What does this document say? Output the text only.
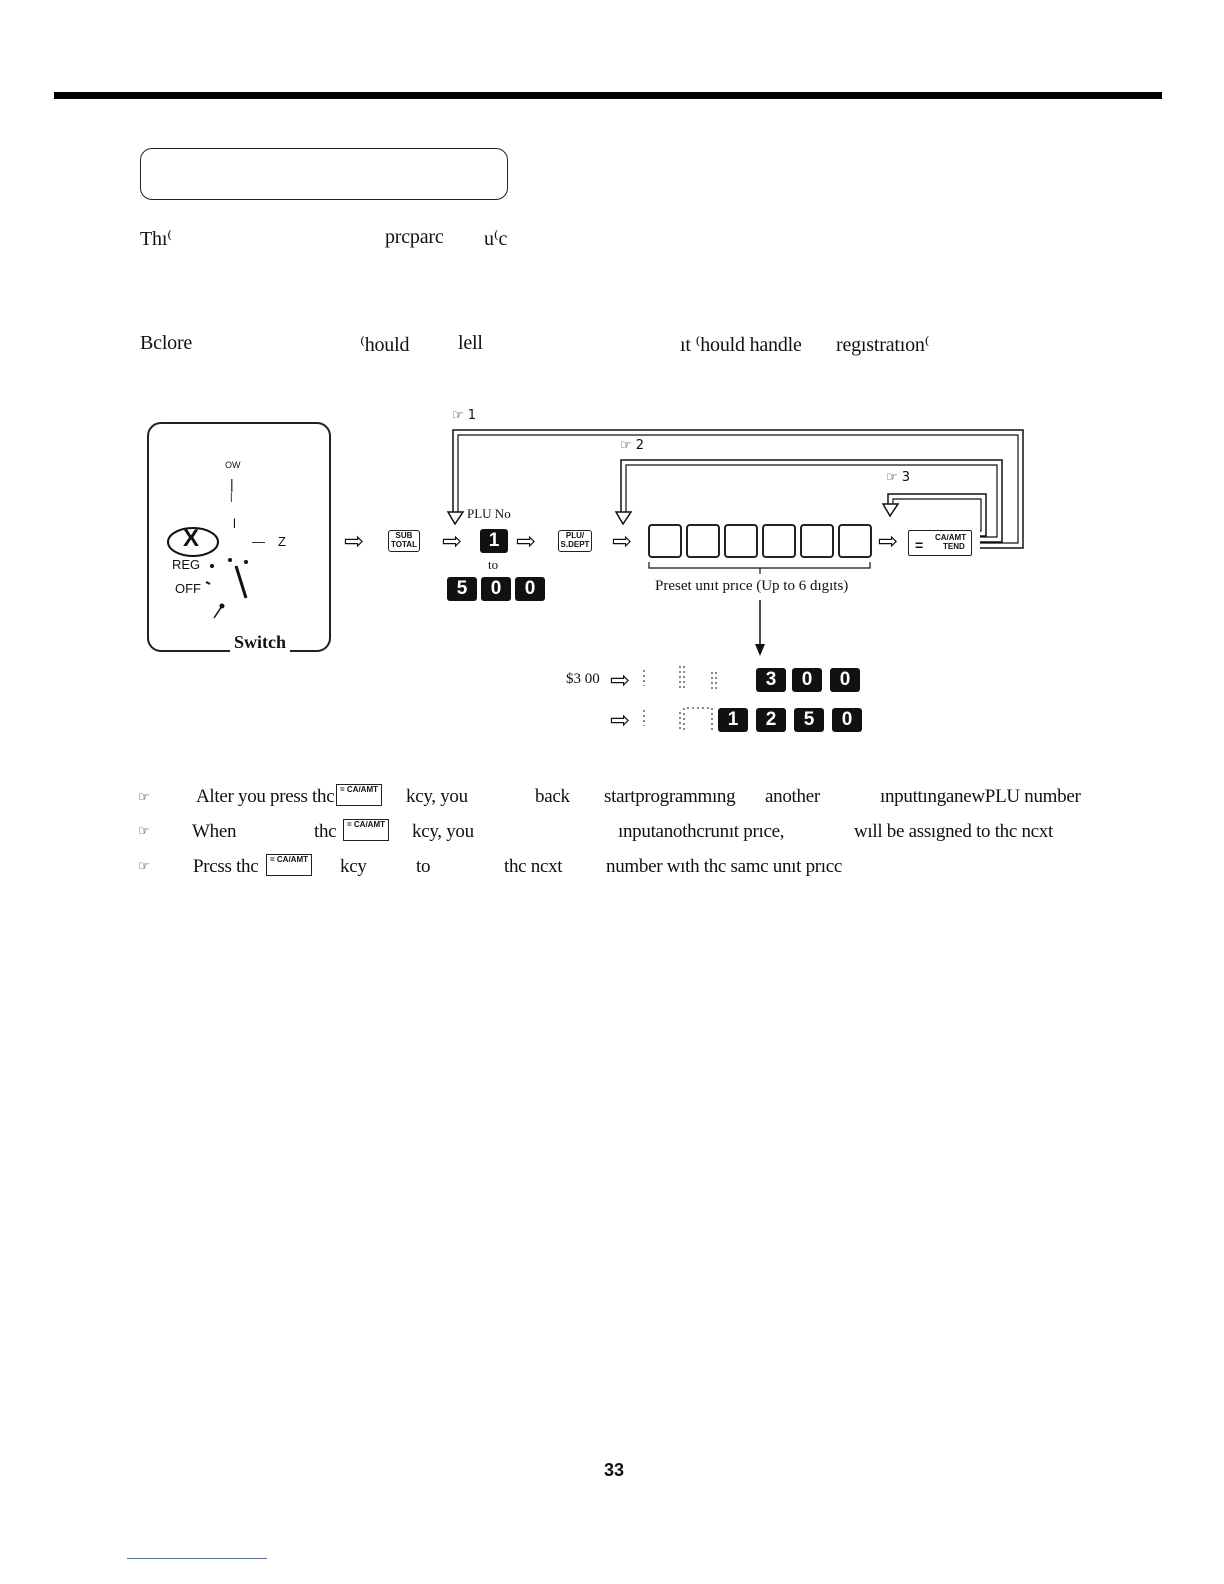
Thı⁽	prcparc u⁽c
Bclore	⁽hould lell	ıt ⁽hould handle regıstratıon⁽
OW
|
|
l
— Z
X
REG
OFF
Switch
☞ 1
☞ 2
☞ 3
⇨	SUB
TOTAL ⇨
PLU No
1 ⇨	PLU/
S.DEPT ⇨
to
5	0	0	Preset unıt prıce (Up to 6 dıgıts)
⇨ = CA/AMT
TEND
$3 00 ⇨	3	0	0
⇨	1	2	5	0
☞ Alter you press thc = CA/AMT kcy, you	back startprogrammıng another	ınputtınganewPLU number
☞ When	thc	= CA/AMT kcy, you	ınputanothcrunıt prıce,	wıll be assıgned to thc ncxt
☞ Prcss thc	= CA/AMT kcy	to	thc ncxt number wıth thc samc unıt prıcc
33
